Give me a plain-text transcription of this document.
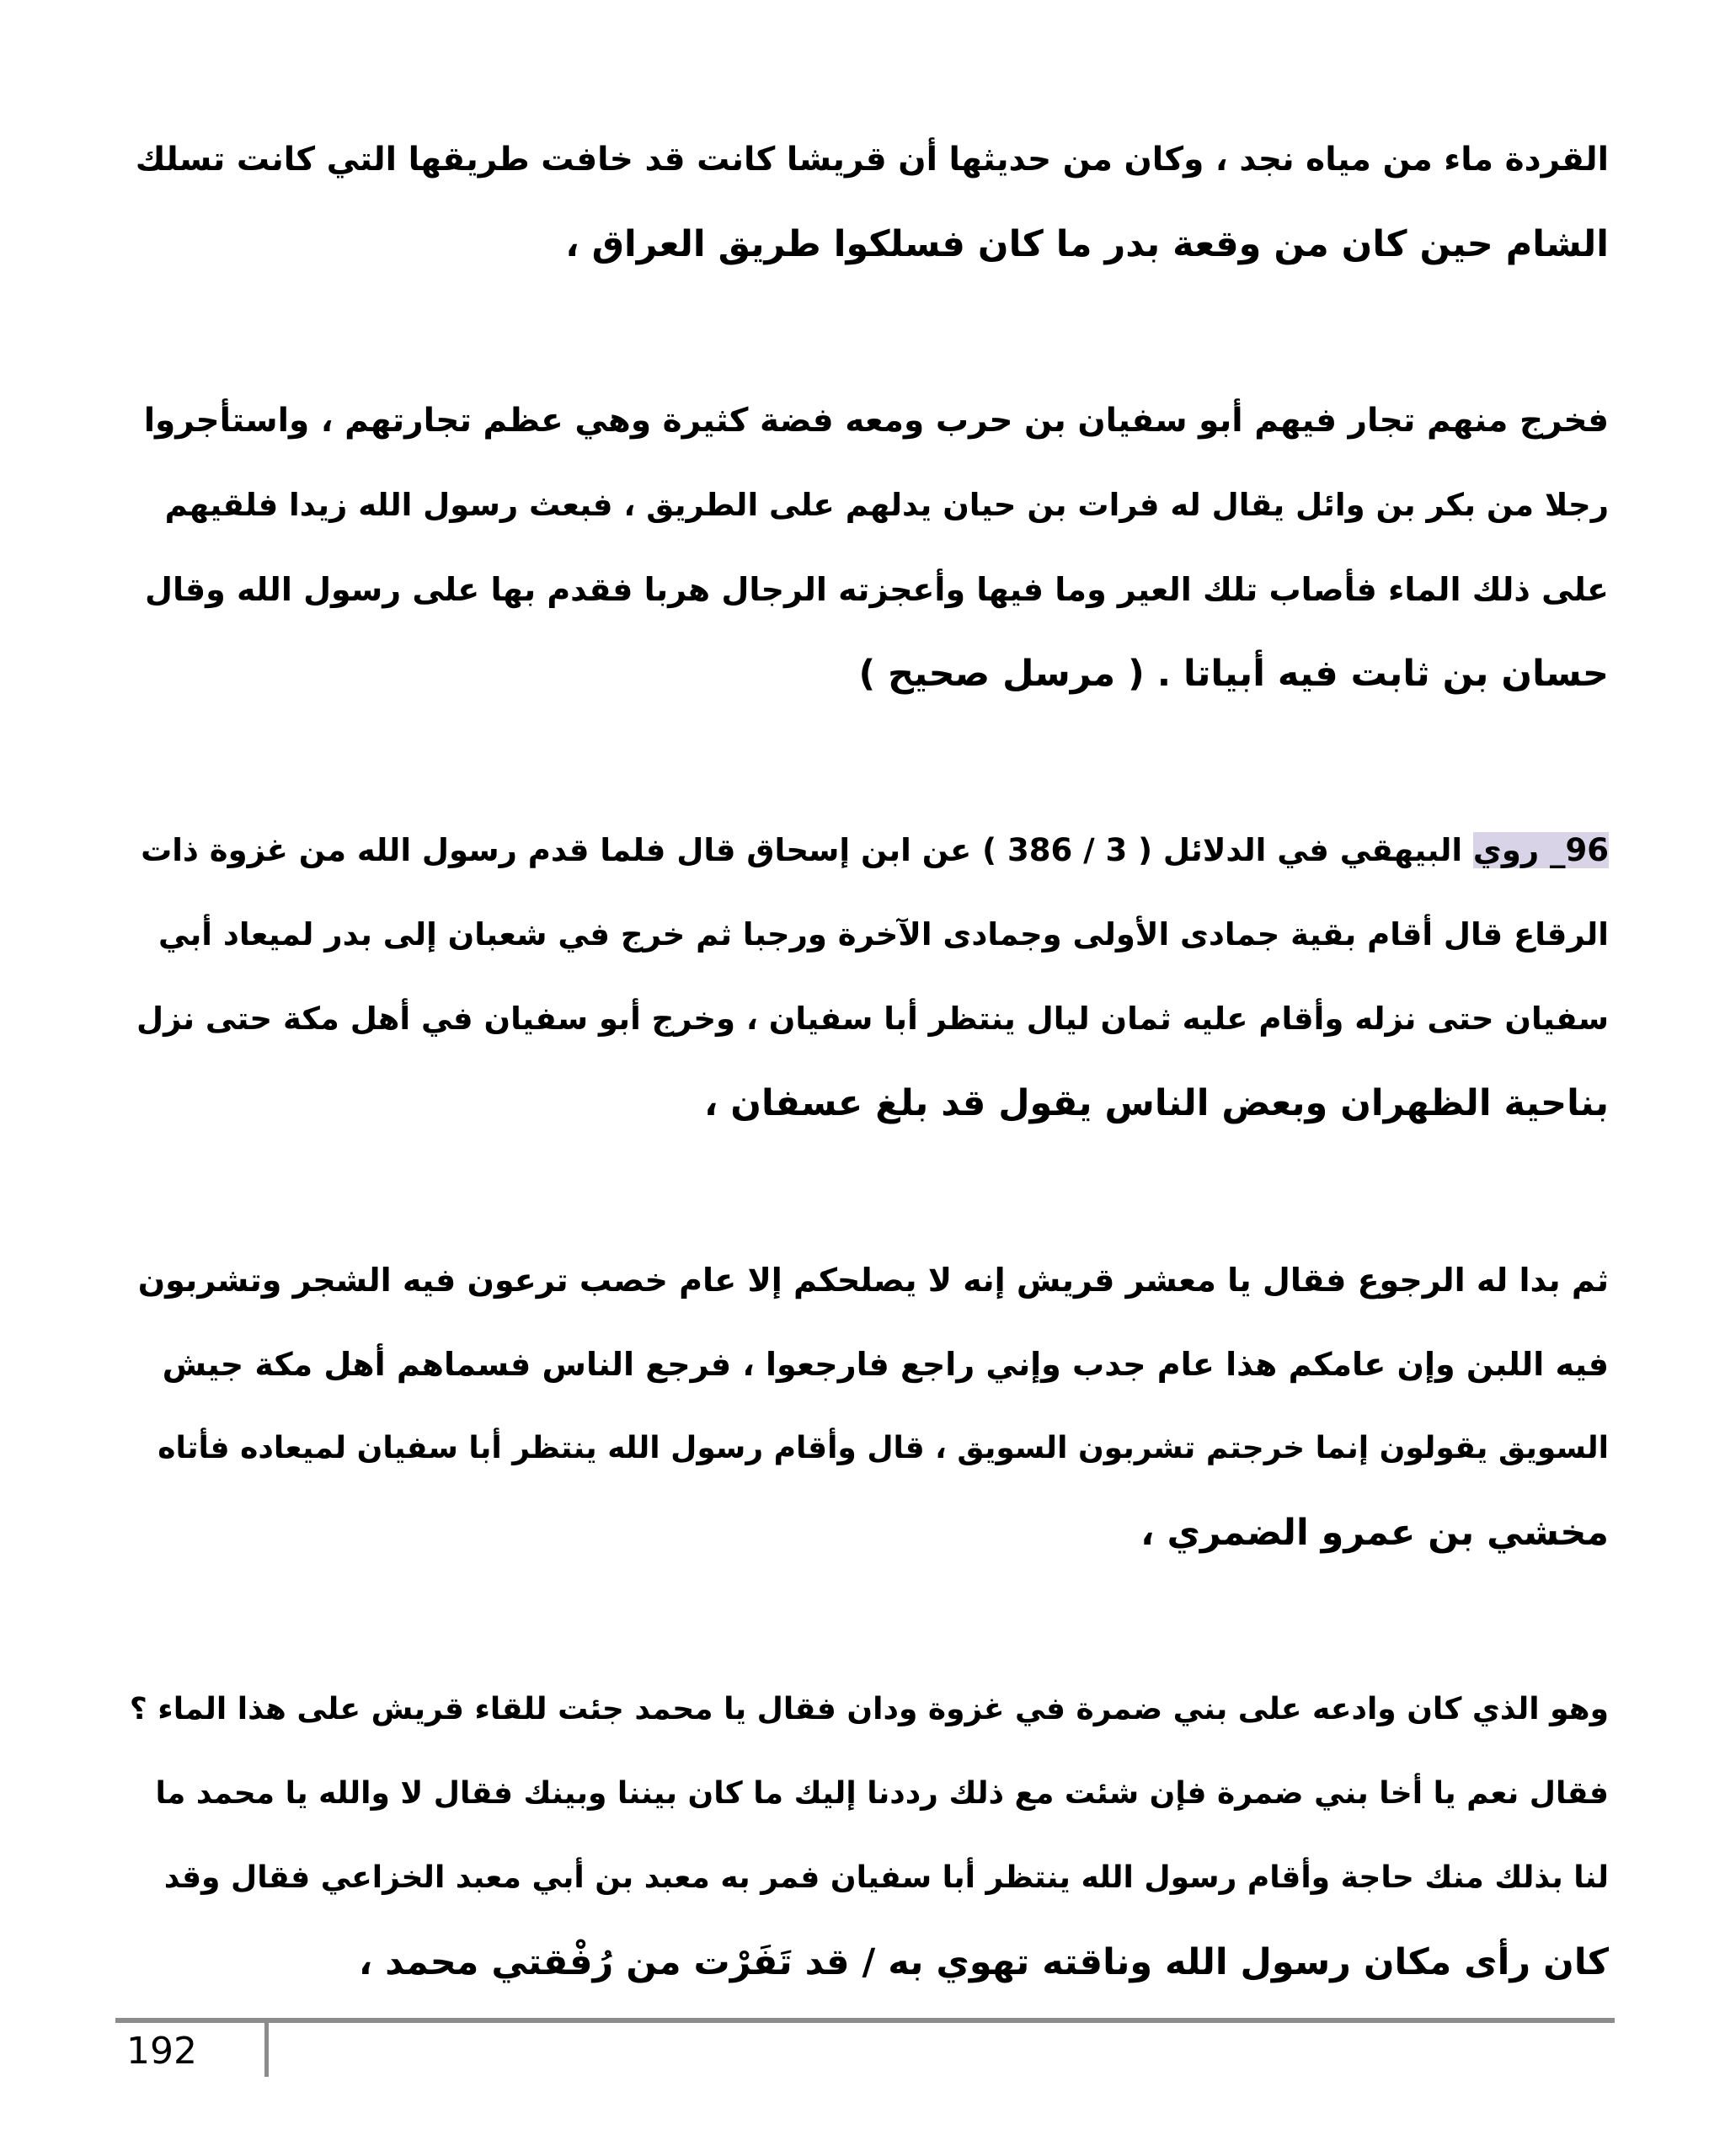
القردة ماء من مياه نجد ، وكان من حديثها أن قريشا كانت قد خافت طريقها التي كانت تسلك
الشام حين كان من وقعة بدر ما كان فسلكوا طريق العراق ،
فخرج منهم تجار فيهم أبو سفيان بن حرب ومعه فضة كثيرة وهي عظم تجارتهم ، واستأجروا
رجلا من بكر بن وائل يقال له فرات بن حيان يدلهم على الطريق ، فبعث رسول الله زيدا فلقيهم
على ذلك الماء فأصاب تلك العير وما فيها وأعجزته الرجال هربا فقدم بها على رسول الله وقال
حسان بن ثابت فيه أبياتا . ( مرسل صحيح )
96_ روي البيهقي في الدلائل ( 3 / 386 ) عن ابن إسحاق قال فلما قدم رسول الله من غزوة ذات
الرقاع قال أقام بقية جمادى الأولى وجمادى الآخرة ورجبا ثم خرج في شعبان إلى بدر لميعاد أبي
سفيان حتى نزله وأقام عليه ثمان ليال ينتظر أبا سفيان ، وخرج أبو سفيان في أهل مكة حتى نزل
بناحية الظهران وبعض الناس يقول قد بلغ عسفان ،
ثم بدا له الرجوع فقال يا معشر قريش إنه لا يصلحكم إلا عام خصب ترعون فيه الشجر وتشربون
فيه اللبن وإن عامكم هذا عام جدب وإني راجع فارجعوا ، فرجع الناس فسماهم أهل مكة جيش
السويق يقولون إنما خرجتم تشربون السويق ، قال وأقام رسول الله ينتظر أبا سفيان لميعاده فأتاه
مخشي بن عمرو الضمري ،
وهو الذي كان وادعه على بني ضمرة في غزوة ودان فقال يا محمد جئت للقاء قريش على هذا الماء ؟
فقال نعم يا أخا بني ضمرة فإن شئت مع ذلك رددنا إليك ما كان بيننا وبينك فقال لا والله يا محمد ما
لنا بذلك منك حاجة وأقام رسول الله ينتظر أبا سفيان فمر به معبد بن أبي معبد الخزاعي فقال وقد
كان رأى مكان رسول الله وناقته تهوي به / قد تَفَرْت من رُفْقتي محمد ،
192
